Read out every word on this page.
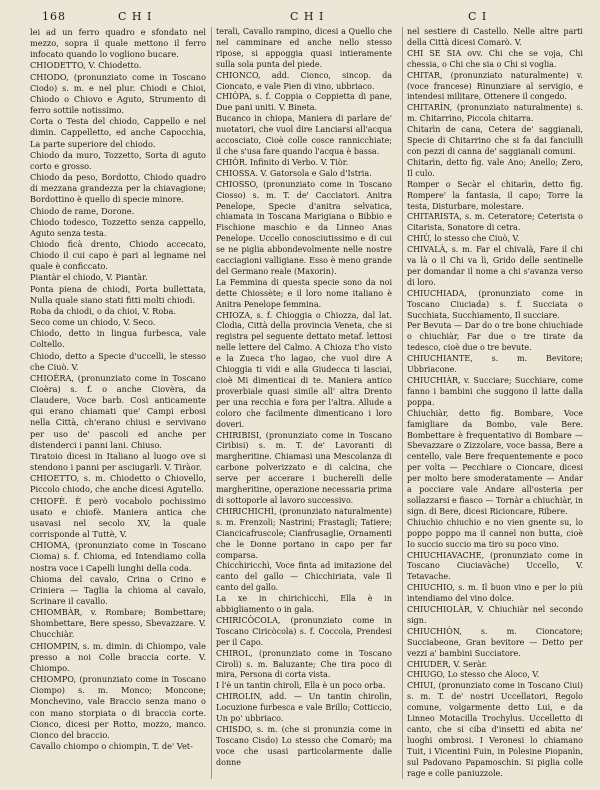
168	C H I	C H I	C I

lei ad un ferro quadro e sfondato nel mezzo, sopra il quale mettono il ferro infocato quando lo vogliono bucare.

CHIODETTO, V. Chiodetto.

CHIODO, (pronunziato come in Toscano Ciodo) s. m. e nel plur. Chiodi e Chioi, Chiodo o Chiovo e Aguto, Strumento di ferro sottile notissimo.

Corta o Testa del chiodo, Cappello e nel dimin. Cappelletto, ed anche Capocchia, La parte superiore del chiodo.

Chiodo da muro, Tozzetto, Sorta di aguto corto e grosso.

Chiodo da peso, Bordotto, Chiodo quadro di mezzana grandezza per la chiavagione; Bordottino è quello di specie minore.

Chiodo de rame, Dorone.

Chiodo todesco, Tozzetto senza cappello, Aguto senza testa.

Chiodo ficà drento, Chiodo accecato, Chiodo il cui capo è pari al legname nel quale è conficcato.

Piantàr el chiodo, V. Piantàr.

Ponta piena de chiodi, Porta bullettata, Nulla quale siano stati fitti molti chiodi.

Roba da chiodi, o da chioi, V. Roba.

Seco come un chiodo, V. Seco.

Chiodo, detto in lingua furbesca, vale Coltello.

Chiodo, detto a Specie d'uccelli, le stesso che Ciuò. V.

CHIOÈRA, (pronunziato come in Toscano Cioèra) s. f. o anche Ciovèra, da Claudere, Voce barb. Così anticamente qui erano chiamati que' Campi erbosi nella Città, ch'erano chiusi e servivano per uso de' pascoli ed anche per distenderci i panni lani. Chiuso.

Tiratoio dicesi in Italiano al luogo ove si stendono i panni per asciugarli. V. Tiràor.

CHIOETTO, s. m. Chiodetto o Chiovello, Piccolo chiodo, che anche dicesi Agutello.

CHIOFÈ. È però vocabolo pochissimo usato e chiofè. Maniera antica che usavasi nel secolo XV, la quale corrisponde al Tuttè, V.

CHIOMA, (pronunziato come in Toscano Cioma) s. f. Chioma, ed Intendiamo colla nostra voce i Capelli lunghi della coda.

Chioma del cavalo, Crina o Crino e Criniera — Taglia la chioma al cavalo, Scrinare il cavallo.

CHIOMBÀR, v. Rombare; Bombettare; Shombettare, Bere spesso, Sbevazzare. V. Chucchiàr.

CHIOMPIN, s. m. dimin. di Chiompo, vale presso a noi Colle braccia corte. V. Chiompo.

CHIOMPO, (pronunziato come in Toscano Ciompo) s. m. Monco; Moncone; Monchevino, vale Braccio senza mano o con mano storpiata o di braccia corte. Cionco, dicesi per Rotto, mozzo, manco. Cionco del braccio.

Cavallo chiompo o chiompin, T. de' Vet-

terali, Cavallo rampino, dicesi a Quello che nel camminare ed anche nello stesso ripose, si appoggia quasi intieramente sulla sola punta del piede.

CHIONCO, add. Cionco, sincop. da Cioncato, e vale Pien di vino, ubbriaco.

CHIÒPA, s. f. Coppia o Coppietta di pane, Due pani uniti. V. Bineta.

Bucanco in chiopa, Maniera di parlare de' nuotatori, che vuol dire Lanciarsi all'acqua accosciato, Cioè colle cosce rannicchiate; il che s'usa fare quando l'acqua è bassa.

CHIÒR. Infinito di Verbo. V. Tiòr.

CHIOSSA. V. Gatorsola e Galo d'Istria.

CHIOSSO, (pronunziato come in Toscano Ciosso) s. m. T. de' Cacciatori. Anitra Penelope, Specie d'anitra selvatica, chiamata in Toscana Marigiana o Bibbio e Fischione maschio e da Linneo Anas Penelope. Uccello conosciutissimo e di cui se ne piglia abbondevolmente nelle nostre cacciagioni valligiane. Esso è meno grande del Germano reale (Maxorin).

La Femmina di questa specie sono da noi dette Chiossète; e il loro nome italiano è Anitra Penelope femmina.

CHIOZA, s. f. Chioggia o Chiozza, dal lat. Clodia, Città della provincia Veneta, che si registra pel seguente dettato metaf. lettosi nelle lettere del Calmo. A Chioza t'ho visto e la Zueca t'ho lagao, che vuol dire A Chioggia ti vidi e alla Giudecca ti lasciai, cioè Mi dimenticai di te. Maniera antico proverbiale quasi simile all' altra Drento per una recchia e fora per l'altra. Allude a coloro che facilmente dimenticano i loro doveri.

CHIRIBISI, (pronunziato come in Toscano Ciribisi) s. m. T. de' Lavoranti di margheritine. Chiamasi una Mescolanza di carbone polverizzato e di calcina, che serve per accerare i bucherelli delle margheritine, operazione necessaria prima di sottoporle al lavoro successivo.

CHIRICHICHÌ, (pronunziato naturalmente) s. m. Frenzoli; Nastrini; Frastagli; Tatiere; Ciancicafruscole; Cianfrusaglie, Ornamenti che le Donne portano in capo per far comparsa.

Chicchiricchì, Voce finta ad imitazione del canto del gallo — Chicchiriata, vale Il canto del gallo.

La xe in chirichicchì, Ella è in abbigliamento o in gala.

CHIRICÒCOLA, (pronunziato come in Toscano Ciricòcola) s. f. Coccola, Prendesi per il Capo.

CHIROL, (pronunziato come in Toscano Cirolì) s. m. Baluzante; Che tira poco di mira, Persona di corta vista.

I l'è un tantin chirolì, Ella è un poco orba.

CHIROLIN, add. — Un tantin chirolìn, Locuzione furbesca e vale Brillo; Cotticcio, Un po' ubbriaco.

CHISDO, s. m. (che si pronunzia come in Toscano Cisdo) Lo stesso che Comarò; ma voce che usasi particolarmente dalle donne

nel sestiere di Castello. Nelle altre parti della Città dicesi Comarò. V.

CHI SE SIA ovv. Chi che se voja, Chi chessia, o Chi che sia o Chi si voglia.

CHITAR, (pronunziato naturalmente) v. (voce francese) Rinunziare al servigio, e intendesi militare, Ottenere il congedo.

CHITARÌN, (pronunziato naturalmente) s. m. Chitarrino, Piccola chitarra.

Chitarìn de cana, Cetera de' saggianali, Specie di Chitarrino che si fa dai fanciulli con pezzi di canna de' saggianali comuni.

Chitarìn, detto fig. vale Ano; Anello; Zero, Il culo.

Romper o Secàr el chitarìn, detto fig. Rompere' la fantasia, il capo; Torre la testa, Disturbare, molestare.

CHITARISTA, s. m. Ceteratore; Ceterista o Citarista, Sonatore di cetra.

CHIÙ, lo stesso che Ciuò, V.

CHIVALÀ, s. m. Far el chivalà, Fare il chi va là o il Chi va lì, Grido delle sentinelle per domandar il nome a chi s'avanza verso di loro.

CHIUCHIADA, (pronunziato come in Toscano Ciuciada) s. f. Succiata o Succhiata, Succhiamento, Il succiare.

Per Bevuta — Dar do o tre bone chiuchiade o chiuchiàr, Far due o tre tirate da tedesco, cioè due o tre bevute.

CHIUCHIANTE, s. m. Bevitore; Ubbriacone.

CHIUCHIÀR, v. Succiare; Succhiare, come fanno i bambini che suggono il latte dalla poppa.

Chiuchiàr, detto fig. Bombare, Voce famigliare da Bombo, vale Bere. Bombettare è frequentativo di Bombare — Sbevazzare o Zizzolare, voce bassa, Bere a centello, vale Bere frequentemente e poco per volta — Pecchiare o Cioncare, dicesi per molto bere smoderatamente — Andar a pocciare vale Andare all'osteria per sollazzarsi e fiasco — Tornàr a chiuchiàr, in sign. di Bere, dicesi Ricioncare, Ribere.

Chiuchio chiuchio e no vien gnente su, lo poppo poppo ma il cannel non butta, cioè Io succio succio ma tiro su poco vino.

CHIUCHIAVACHE, (pronunziato come in Toscano Ciuciavàche) Uccello, V. Tetavache.

CHIUCHIO, s. m. Il buon vino e per lo più intendiamo del vino dolce.

CHIUCHIOLÀR, V. Chiuchiàr nel secondo sign.

CHIUCHIÒN, s. m. Cioncatore; Succiabeone, Gran bevitore — Detto per vezzi a' bambini Succiatore.

CHIUDER, V. Seràr.

CHIUGO, Lo stesso che Aloco, V.

CHIUI, (pronunziato come in Toscano Ciui) s. m. T. de' nostri Uccellatori, Regolo comune, volgarmente detto Lui, e da Linneo Motacilla Trochylus. Uccelletto di canto, che si ciba d'insetti ed abita ne' luoghi ombrosi. I Veronesi lo chiamano Tuit, i Vicentini Fuin, in Polesine Piopanìn, sul Padovano Papamoschin. Si piglia colle rage e colle paniuzzole.
